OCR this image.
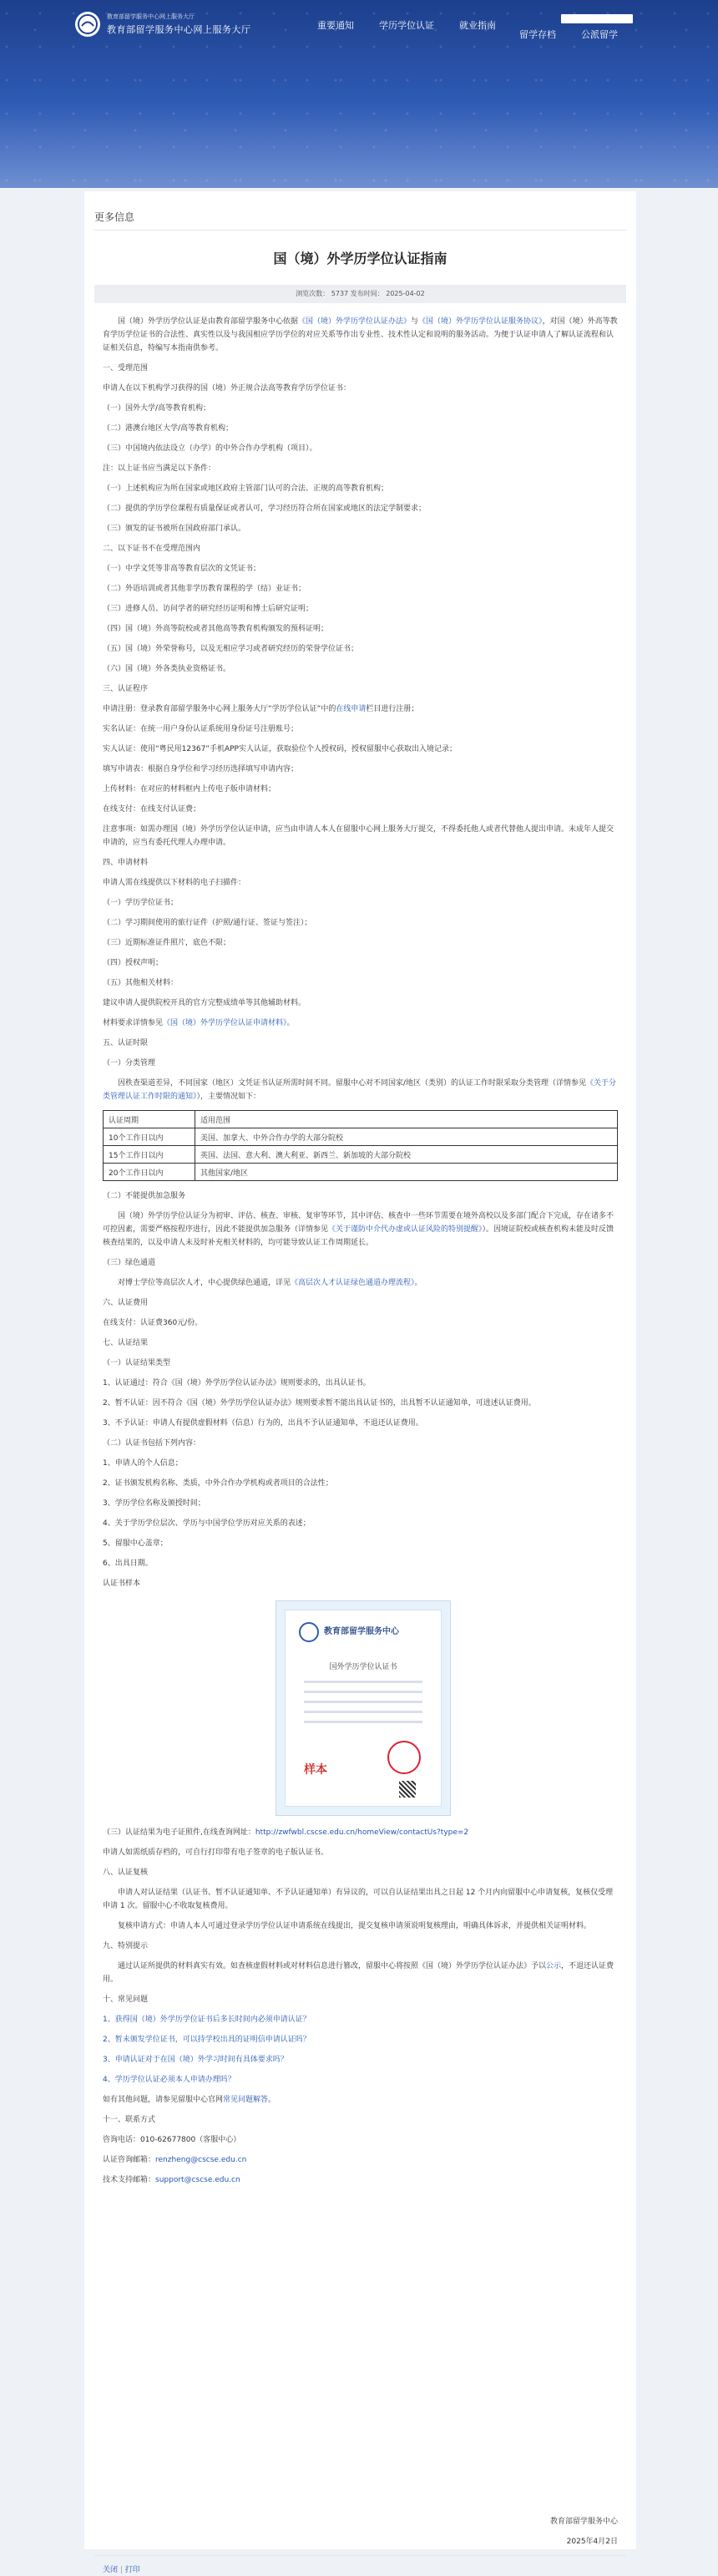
教育部留学服务中心网上服务大厅
教育部留学服务中心网上服务大厅	重要通知	学历学位认证	就业指南
留学存档	公派留学
更多信息
国（境）外学历学位认证指南
浏览次数： 5737 发布时间： 2025-04-02
国（境）外学历学位认证是由教育部留学服务中心依据《国（境）外学历学位认证办法》与《国（境）外学历学位认证服务协议》，对国（境）外高等教育学历学位证书的合法性、真实性以及与我国相应学历学位的对应关系等作出专业性、技术性认定和说明的服务活动。为便于认证申请人了解认证流程和认证相关信息，特编写本指南供参考。
一、受理范围
申请人在以下机构学习获得的国（境）外正规合法高等教育学历学位证书：
（一）国外大学/高等教育机构；
（二）港澳台地区大学/高等教育机构；
（三）中国境内依法设立（办学）的中外合作办学机构（项目）。
注：以上证书应当满足以下条件：
（一）上述机构应为所在国家或地区政府主管部门认可的合法、正规的高等教育机构；
（二）提供的学历学位课程有质量保证或者认可，学习经历符合所在国家或地区的法定学制要求；
（三）颁发的证书被所在国政府部门承认。
二、以下证书不在受理范围内
（一）中学文凭等非高等教育层次的文凭证书；
（二）外语培训或者其他非学历教育课程的学（结）业证书；
（三）进修人员、访问学者的研究经历证明和博士后研究证明；
（四）国（境）外高等院校或者其他高等教育机构颁发的预科证明；
（五）国（境）外荣誉称号，以及无相应学习或者研究经历的荣誉学位证书；
（六）国（境）外各类执业资格证书。
三、认证程序
申请注册：登录教育部留学服务中心网上服务大厅“学历学位认证”中的在线申请栏目进行注册；
实名认证：在统一用户身份认证系统用身份证号注册账号；
实人认证：使用“粤民用12367”手机APP实人认证，获取验位个人授权码，授权留服中心获取出入境记录；
填写申请表：根据自身学位和学习经历选择填写申请内容；
上传材料：在对应的材料框内上传电子版申请材料；
在线支付：在线支付认证费；
注意事项：如需办理国（境）外学历学位认证申请，应当由申请人本人在留服中心网上服务大厅提交，不得委托他人或者代替他人提出申请。未成年人提交申请的，应当有委托代理人办理申请。
四、申请材料
申请人需在线提供以下材料的电子扫描件：
（一）学历学位证书；
（二）学习期间使用的旅行证件（护照/通行证、签证与签注）；
（三）近期标准证件照片，底色不限；
（四）授权声明；
（五）其他相关材料：
建议申请人提供院校开具的官方完整成绩单等其他辅助材料。
材料要求详情参见《国（境）外学历学位认证申请材料》。
五、认证时限
（一）分类管理
因秩查渠道差异，不同国家（地区）文凭证书认证所需时间不同。留服中心对不同国家/地区（类别）的认证工作时限采取分类管理（详情参见《关于分类管理认证工作时限的通知》），主要情况如下：
认证周期	适用范围
10个工作日以内	美国、加拿大、中外合作办学的大部分院校
15个工作日以内	英国、法国、意大利、澳大利亚、新西兰、新加坡的大部分院校
20个工作日以内	其他国家/地区
（二）不能提供加急服务
国（境）外学历学位认证分为初审、评估、核查、审核、复审等环节，其中评估、核查中一些环节需要在境外高校以及多部门配合下完成，存在诸多不可控因素，需要严格按程序进行，因此不能提供加急服务（详情参见《关于谨防中介代办虚或认证风险的特别提醒》）。因境证院校或核查机构未能及时反馈核查结果的，以及申请人未及时补充相关材料的，均可能导致认证工作周期延长。
（三）绿色通道
对博士学位等高层次人才，中心提供绿色通道，详见《高层次人才认证绿色通道办理流程》。
六、认证费用
在线支付：认证费360元/份。
七、认证结果
（一）认证结果类型
1、认证通过：符合《国（境）外学历学位认证办法》规则要求的，出具认证书。
2、暂不认证：因不符合《国（境）外学历学位认证办法》规则要求暂不能出具认证书的，出具暂不认证通知单，可进述认证费用。
3、不予认证：申请人有提供虚假材料（信息）行为的，出具不予认证通知单，不退还认证费用。
（二）认证书包括下列内容：
1、申请人的个人信息；
2、证书颁发机构名称、类质，中外合作办学机构或者项目的合法性；
3、学历学位名称及颁授时间；
4、关于学历学位层次、学历与中国学位学历对应关系的表述；
5、留服中心盖章；
6、出具日期。
认证书样本
教育部留学服务中心
国外学历学位认证书
样本
（三）认证结果为电子证照件,在线查询网址：http://zwfwbl.cscse.edu.cn/homeView/contactUs?type=2
申请人如需纸质存档的，可自行打印带有电子签章的电子版认证书。
八、认证复核
申请人对认证结果（认证书、暂不认证通知单、不予认证通知单）有异议的，可以自认证结果出具之日起 12 个月内向留服中心申请复核，复核仅受理申请 1 次。留服中心不收取复核费用。
复核申请方式：申请人本人可通过登录学历学位认证申请系统在线提出，提交复核申请须说明复核理由，明确具体诉求，并提供相关证明材料。
九、特别提示
通过认证所提供的材料真实有效。如查核虚假材料或对材料信息进行篡改，留服中心将按照《国（境）外学历学位认证办法》予以公示，不退还认证费用。
十、常见问题
1、获得国（境）外学历学位证书后多长时间内必须申请认证？
2、暂未颁发学位证书，可以持学校出具的证明信申请认证吗？
3、申请认证对于在国（境）外学习时间有具体要求吗？
4、学历学位认证必须本人申请办理吗？
如有其他问题，请参见留服中心官网常见问题解答。
十一、联系方式
咨询电话：010-62677800（客服中心）
认证咨询邮箱：renzheng@cscse.edu.cn
技术支持邮箱：support@cscse.edu.cn
教育部留学服务中心
2025年4月2日
关闭 | 打印
